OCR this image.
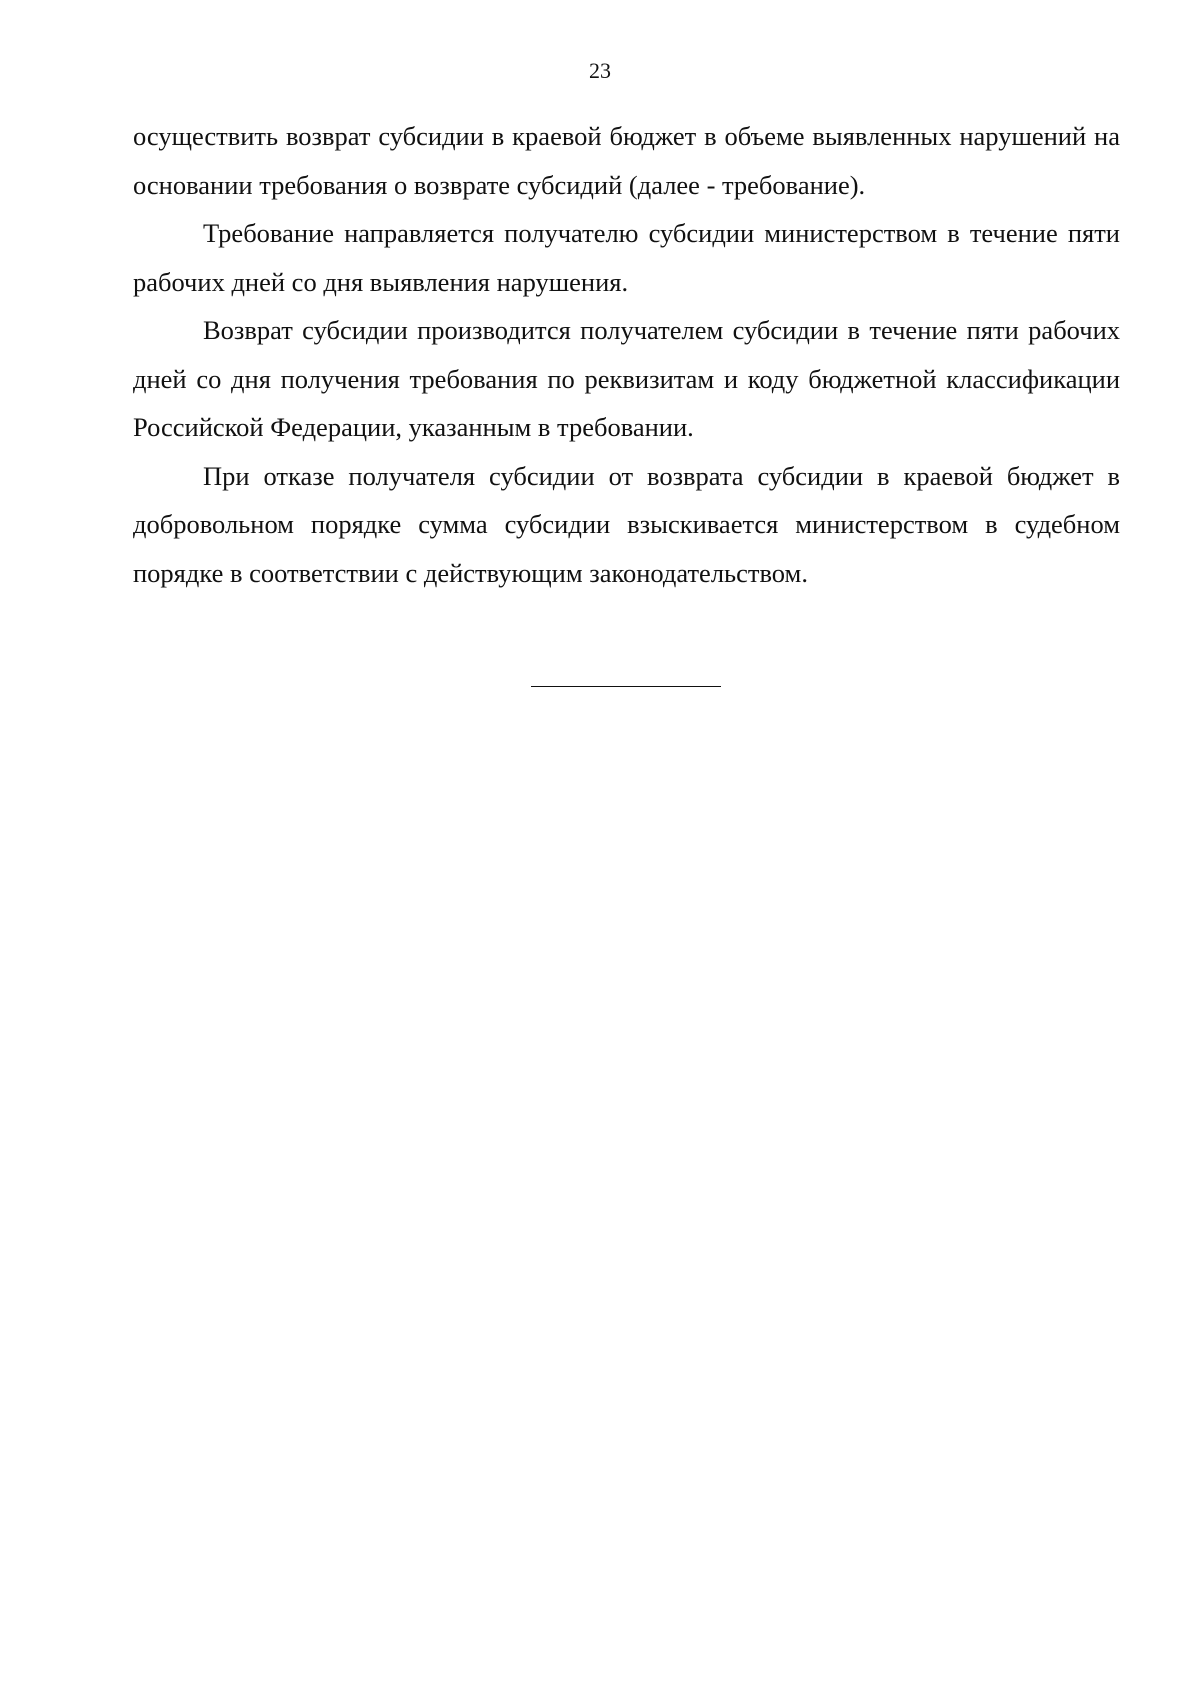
23

осуществить возврат субсидии в краевой бюджет в объеме выявленных нарушений на основании требования о возврате субсидий (далее - требование).

Требование направляется получателю субсидии министерством в течение пяти рабочих дней со дня выявления нарушения.

Возврат субсидии производится получателем субсидии в течение пяти рабочих дней со дня получения требования по реквизитам и коду бюджетной классификации Российской Федерации, указанным в требовании.

При отказе получателя субсидии от возврата субсидии в краевой бюджет в добровольном порядке сумма субсидии взыскивается министерством в судебном порядке в соответствии с действующим законодательством.
